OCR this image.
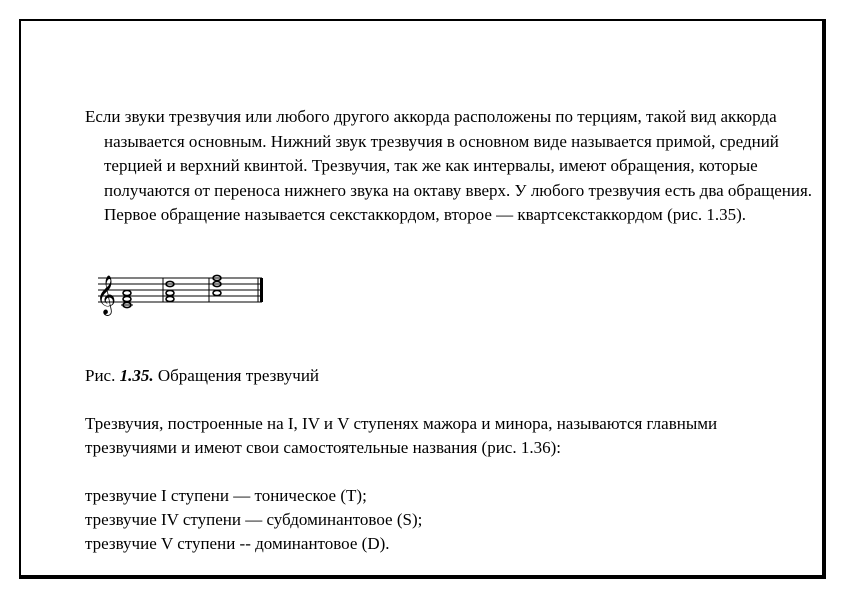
Если звуки трезвучия или любого другого аккорда расположены по терциям, такой вид аккорда называется основным. Нижний звук трезвучия в основном виде называется примой, средний терцией и верхний квинтой. Трезвучия, так же как интервалы, имеют обращения, которые получаются от переноса нижнего звука на октаву вверх. У любого трезвучия есть два обращения. Первое обращение называется секстаккордом, второе — квартсекстаккордом (рис. 1.35).

𝄞

Рис. 1.35. Обращения трезвучий

Трезвучия, построенные на I, IV и V ступенях мажора и минора, называются главными трезвучиями и имеют свои самостоятельные названия (рис. 1.36):

трезвучие I ступени — тоническое (Т);
трезвучие IV ступени — субдоминантовое (S);
трезвучие V ступени -- доминантовое (D).
